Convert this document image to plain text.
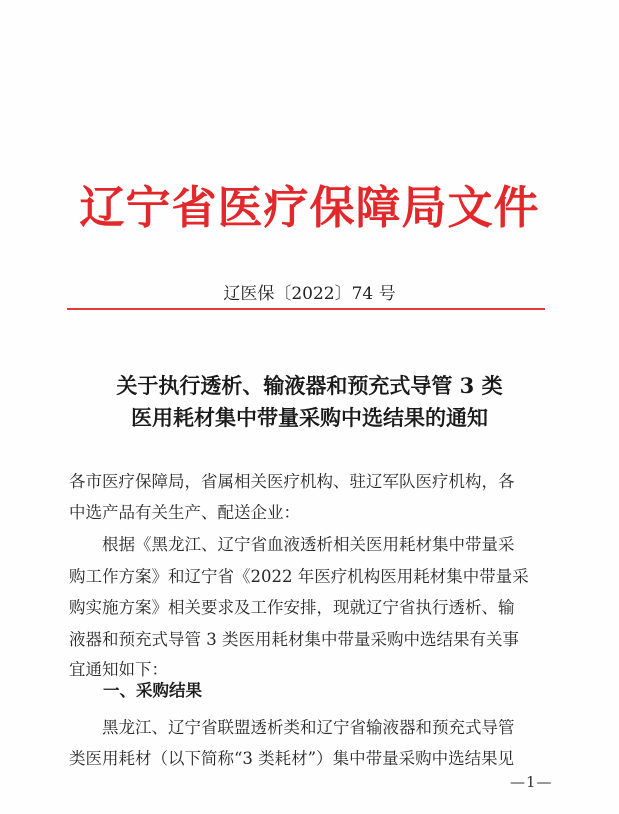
辽宁省医疗保障局文件
辽医保〔2022〕74 号
关于执行透析、输液器和预充式导管 3 类
医用耗材集中带量采购中选结果的通知
各市医疗保障局，省属相关医疗机构、驻辽军队医疗机构，各
中选产品有关生产、配送企业：
根据《黑龙江、辽宁省血液透析相关医用耗材集中带量采
购工作方案》和辽宁省《2022 年医疗机构医用耗材集中带量采
购实施方案》相关要求及工作安排，现就辽宁省执行透析、输
液器和预充式导管 3 类医用耗材集中带量采购中选结果有关事
宜通知如下：
一、采购结果
黑龙江、辽宁省联盟透析类和辽宁省输液器和预充式导管
类医用耗材（以下简称“3 类耗材”）集中带量采购中选结果见
—1—
